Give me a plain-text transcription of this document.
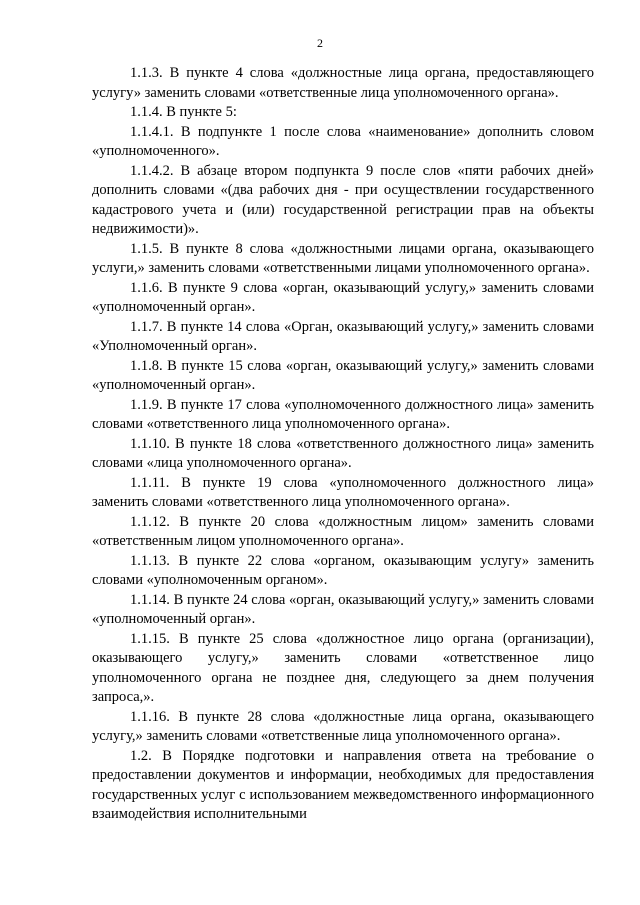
2

1.1.3. В пункте 4 слова «должностные лица органа, предоставляющего услугу» заменить словами «ответственные лица уполномоченного органа».

1.1.4. В пункте 5:

1.1.4.1. В подпункте 1 после слова «наименование» дополнить словом «уполномоченного».

1.1.4.2. В абзаце втором подпункта 9 после слов «пяти рабочих дней» дополнить словами «(два рабочих дня - при осуществлении государственного кадастрового учета и (или) государственной регистрации прав на объекты недвижимости)».

1.1.5. В пункте 8 слова «должностными лицами органа, оказывающего услуги,» заменить словами «ответственными лицами уполномоченного органа».

1.1.6. В пункте 9 слова «орган, оказывающий услугу,» заменить словами «уполномоченный орган».

1.1.7. В пункте 14 слова «Орган, оказывающий услугу,» заменить словами «Уполномоченный орган».

1.1.8. В пункте 15 слова «орган, оказывающий услугу,» заменить словами «уполномоченный орган».

1.1.9. В пункте 17 слова «уполномоченного должностного лица» заменить словами «ответственного лица уполномоченного органа».

1.1.10. В пункте 18 слова «ответственного должностного лица» заменить словами «лица уполномоченного органа».

1.1.11. В пункте 19 слова «уполномоченного должностного лица» заменить словами «ответственного лица уполномоченного органа».

1.1.12. В пункте 20 слова «должностным лицом» заменить словами «ответственным лицом уполномоченного органа».

1.1.13. В пункте 22 слова «органом, оказывающим услугу» заменить словами «уполномоченным органом».

1.1.14. В пункте 24 слова «орган, оказывающий услугу,» заменить словами «уполномоченный орган».

1.1.15. В пункте 25 слова «должностное лицо органа (организации), оказывающего услугу,» заменить словами «ответственное лицо уполномоченного органа не позднее дня, следующего за днем получения запроса,».

1.1.16. В пункте 28 слова «должностные лица органа, оказывающего услугу,» заменить словами «ответственные лица уполномоченного органа».

1.2. В Порядке подготовки и направления ответа на требование о предоставлении документов и информации, необходимых для предоставления государственных услуг с использованием межведомственного информационного взаимодействия исполнительными
